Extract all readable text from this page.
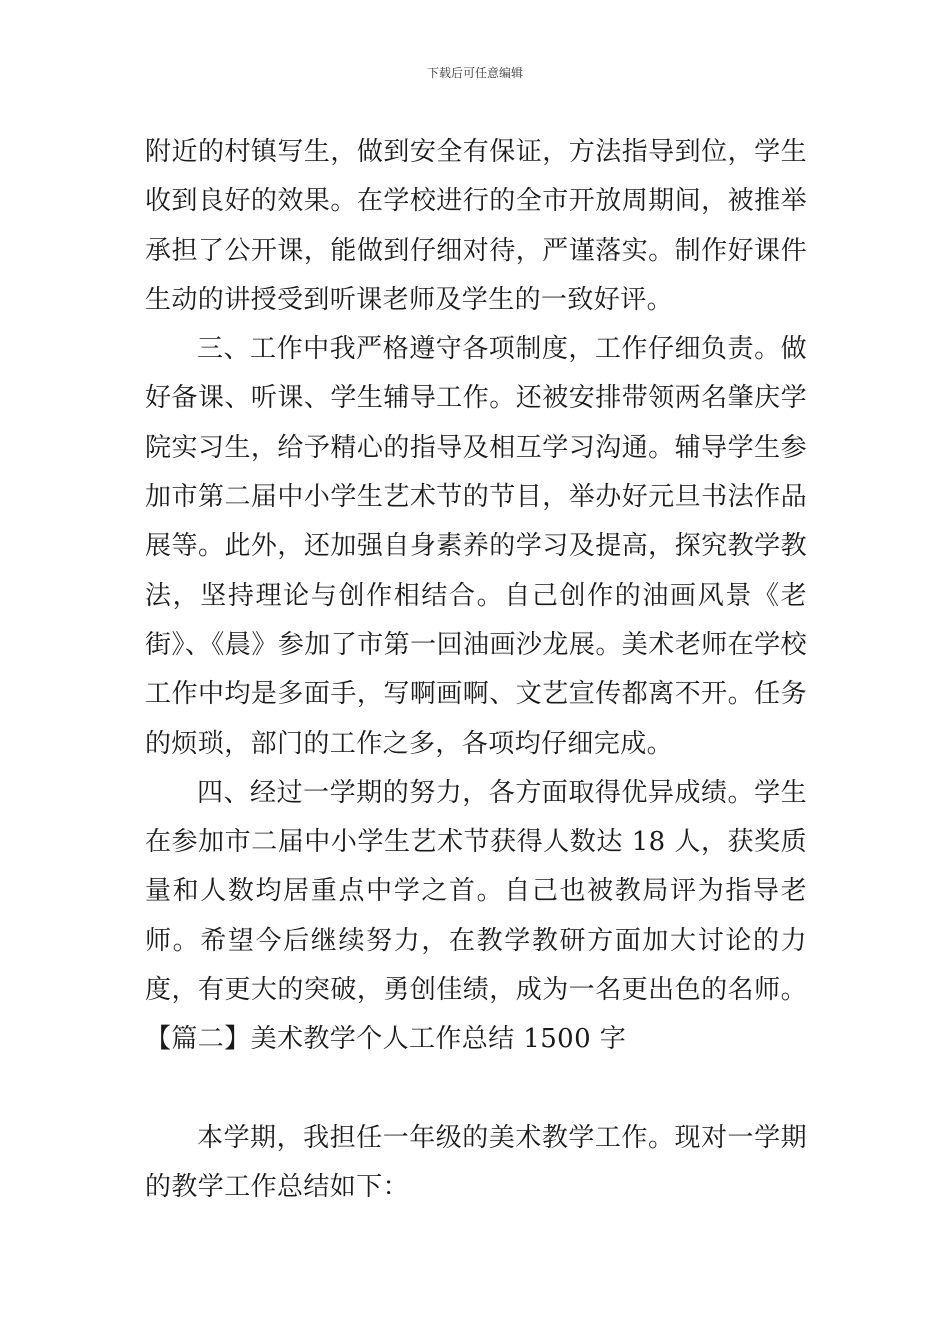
下载后可任意编辑

附近的村镇写生，做到安全有保证，方法指导到位，学生收到良好的效果。在学校进行的全市开放周期间，被推举承担了公开课，能做到仔细对待，严谨落实。制作好课件生动的讲授受到听课老师及学生的一致好评。

三、工作中我严格遵守各项制度，工作仔细负责。做好备课、听课、学生辅导工作。还被安排带领两名肇庆学院实习生，给予精心的指导及相互学习沟通。辅导学生参加市第二届中小学生艺术节的节目，举办好元旦书法作品展等。此外，还加强自身素养的学习及提高，探究教学教法，坚持理论与创作相结合。自己创作的油画风景《老街》、《晨》参加了市第一回油画沙龙展。美术老师在学校工作中均是多面手，写啊画啊、文艺宣传都离不开。任务的烦琐，部门的工作之多，各项均仔细完成。

四、经过一学期的努力，各方面取得优异成绩。学生在参加市二届中小学生艺术节获得人数达 18 人，获奖质量和人数均居重点中学之首。自己也被教局评为指导老师。希望今后继续努力，在教学教研方面加大讨论的力度，有更大的突破，勇创佳绩，成为一名更出色的名师。【篇二】美术教学个人工作总结 1500 字

本学期，我担任一年级的美术教学工作。现对一学期的教学工作总结如下：
